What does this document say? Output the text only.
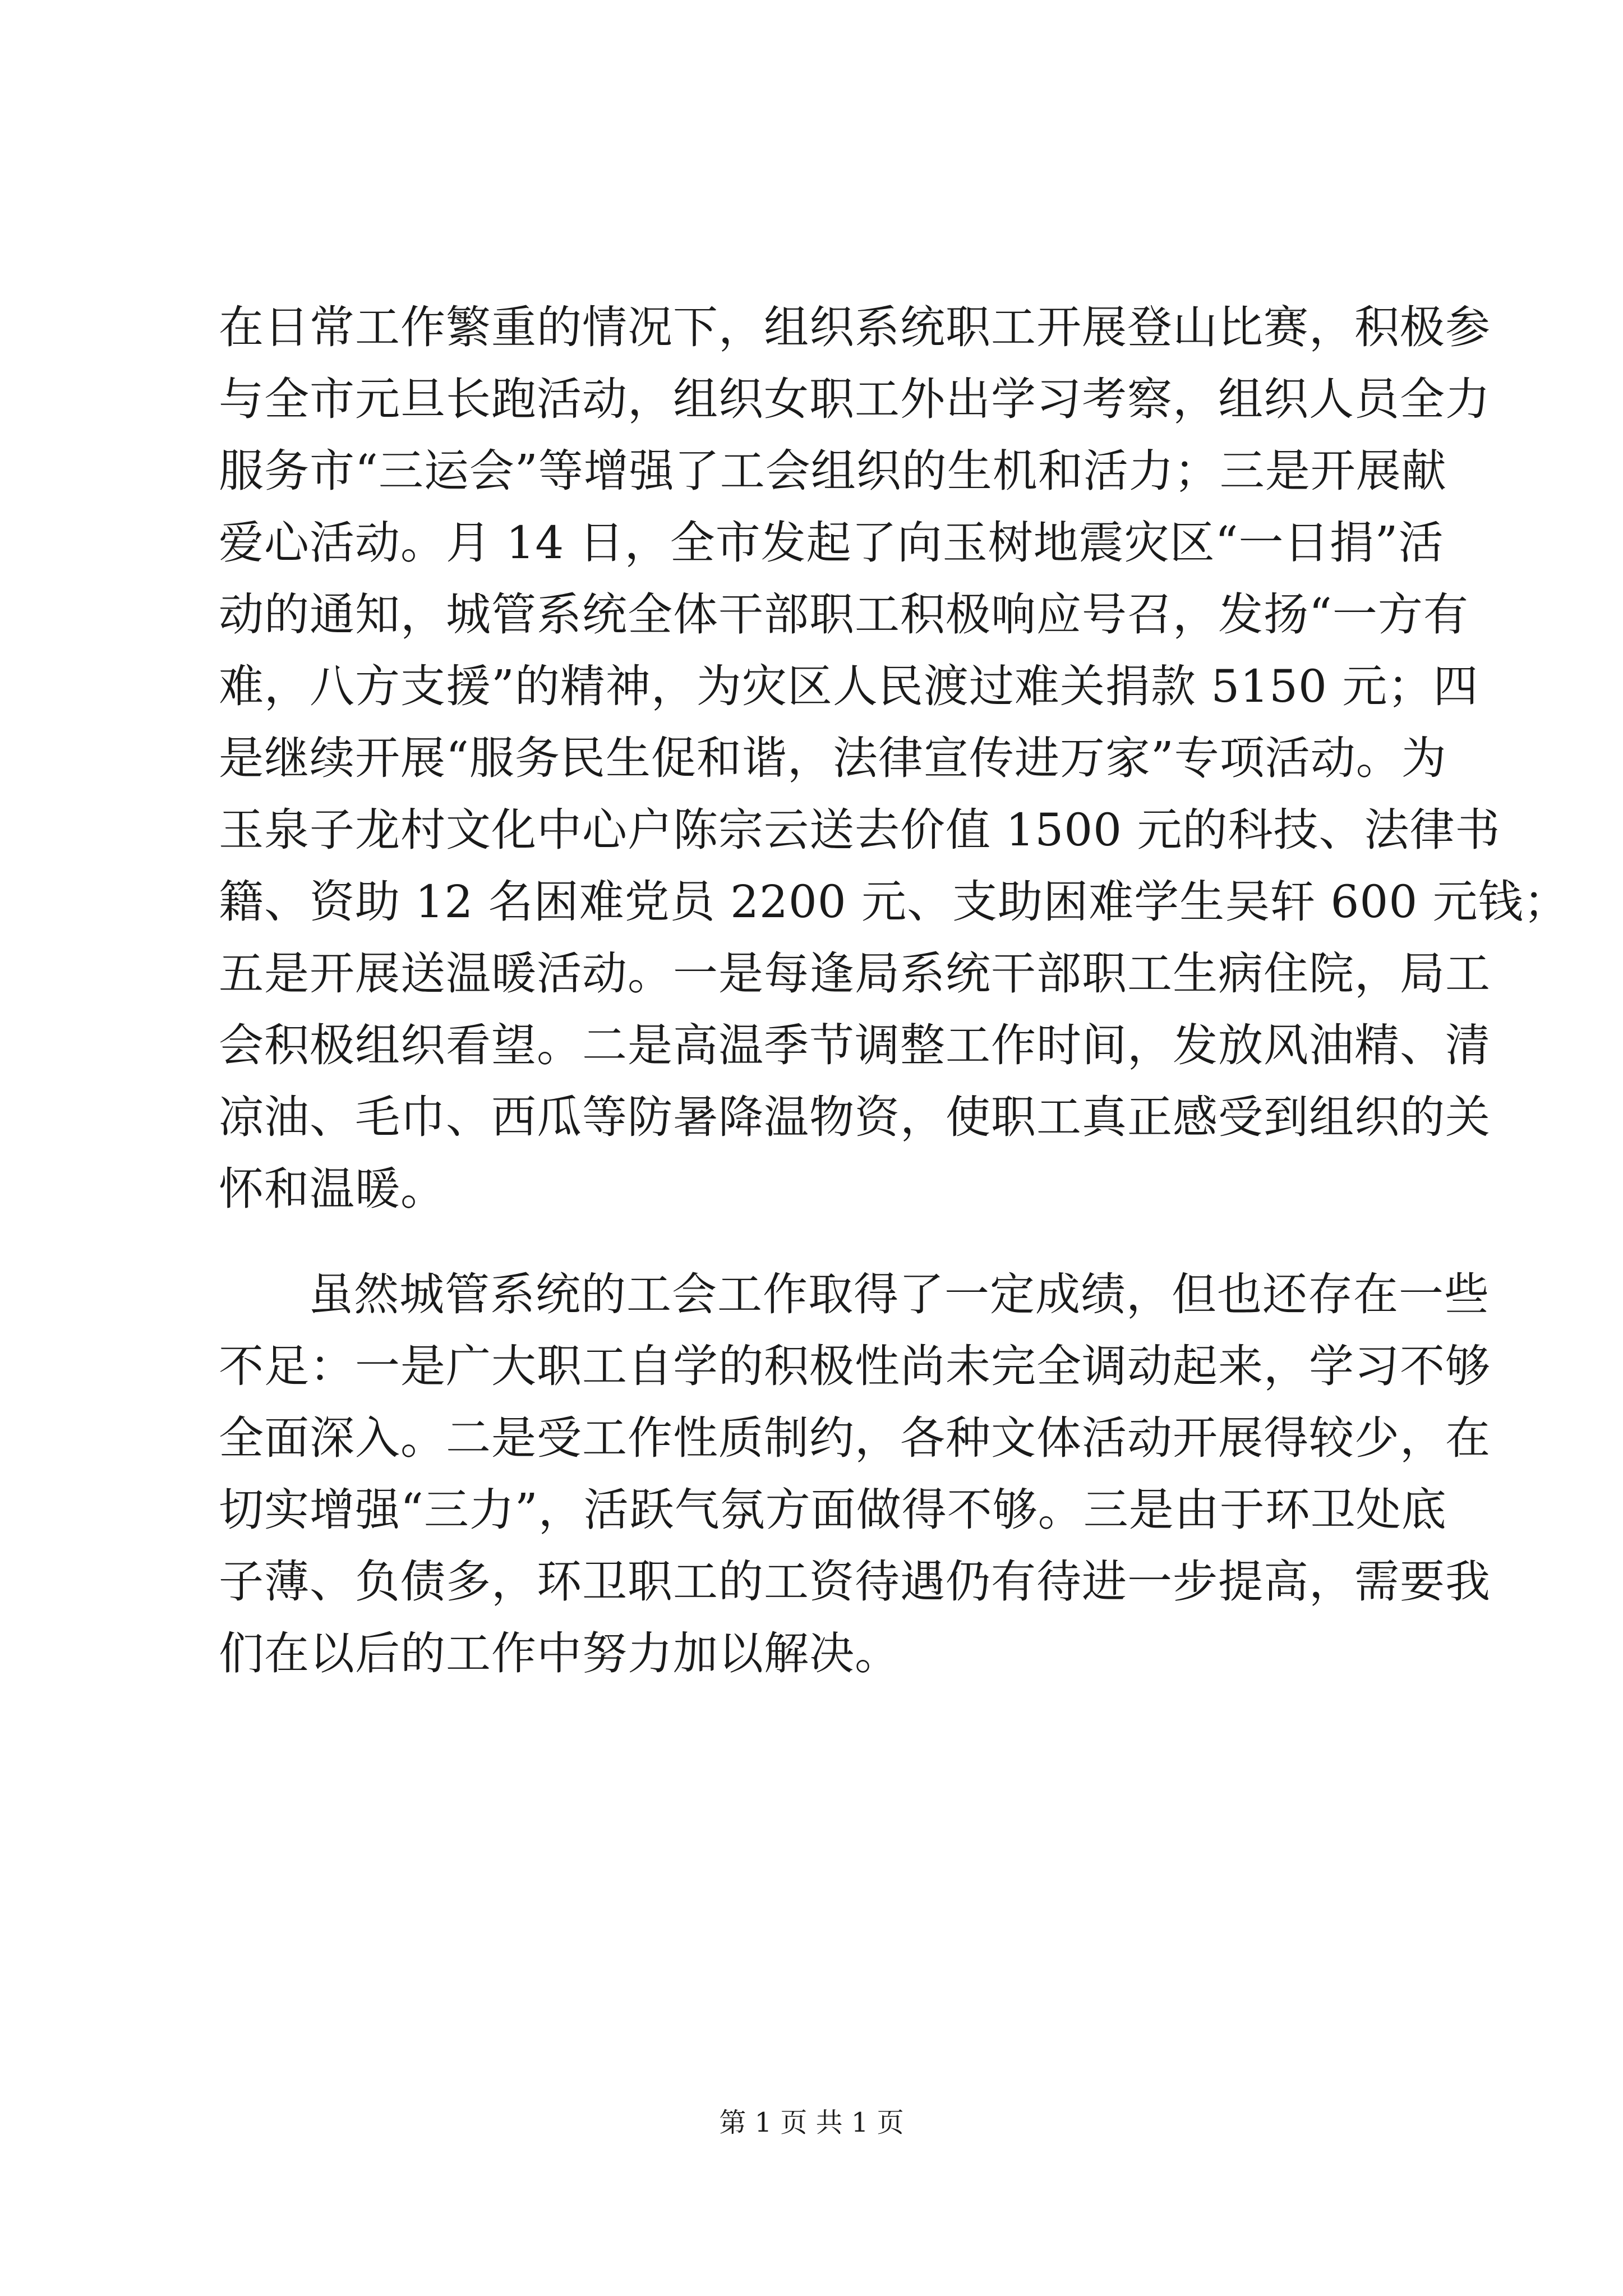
在日常工作繁重的情况下，组织系统职工开展登山比赛，积极参
与全市元旦长跑活动，组织女职工外出学习考察，组织人员全力
服务市“三运会”等增强了工会组织的生机和活力；三是开展献
爱心活动。月 14 日，全市发起了向玉树地震灾区“一日捐”活
动的通知，城管系统全体干部职工积极响应号召，发扬“一方有
难，八方支援”的精神，为灾区人民渡过难关捐款 5150 元；四
是继续开展“服务民生促和谐，法律宣传进万家”专项活动。为
玉泉子龙村文化中心户陈宗云送去价值 1500 元的科技、法律书
籍、资助 12 名困难党员 2200 元、支助困难学生吴轩 600 元钱；
五是开展送温暖活动。一是每逢局系统干部职工生病住院，局工
会积极组织看望。二是高温季节调整工作时间，发放风油精、清
凉油、毛巾、西瓜等防暑降温物资，使职工真正感受到组织的关
怀和温暖。
虽然城管系统的工会工作取得了一定成绩，但也还存在一些
不足：一是广大职工自学的积极性尚未完全调动起来，学习不够
全面深入。二是受工作性质制约，各种文体活动开展得较少，在
切实增强“三力”，活跃气氛方面做得不够。三是由于环卫处底
子薄、负债多，环卫职工的工资待遇仍有待进一步提高，需要我
们在以后的工作中努力加以解决。
第 1 页 共 1 页
